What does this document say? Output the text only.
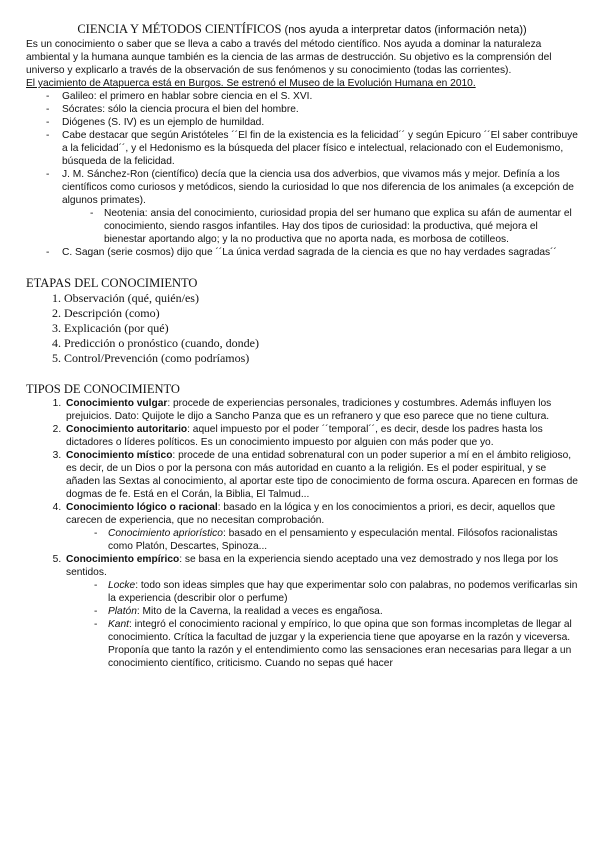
CIENCIA Y MÉTODOS CIENTÍFICOS (nos ayuda a interpretar datos (información neta))

Es un conocimiento o saber que se lleva a cabo a través del método científico. Nos ayuda a dominar la naturaleza ambiental y la humana aunque también es la ciencia de las armas de destrucción. Su objetivo es la comprensión del universo y explicarlo a través de la observación de sus fenómenos y su conocimiento (todas las corrientes).

El yacimiento de Atapuerca está en Burgos. Se estrenó el Museo de la Evolución Humana en 2010.

- Galileo: el primero en hablar sobre ciencia en el S. XVI.
- Sócrates: sólo la ciencia procura el bien del hombre.
- Diógenes (S. IV) es un ejemplo de humildad.
- Cabe destacar que según Aristóteles ´´El fin de la existencia es la felicidad´´ y según Epicuro ´´El saber contribuye a la felicidad´´, y el Hedonismo es la búsqueda del placer físico e intelectual, relacionado con el Eudemonismo, búsqueda de la felicidad.
- J. M. Sánchez-Ron (científico) decía que la ciencia usa dos adverbios, que vivamos más y mejor. Definía a los científicos como curiosos y metódicos, siendo la curiosidad lo que nos diferencia de los animales (a excepción de algunos primates).
- Neotenia: ansia del conocimiento, curiosidad propia del ser humano que explica su afán de aumentar el conocimiento, siendo rasgos infantiles. Hay dos tipos de curiosidad: la productiva, qué mejora el bienestar aportando algo; y la no productiva que no aporta nada, es morbosa de cotilleos.
- C. Sagan (serie cosmos) dijo que ´´La única verdad sagrada de la ciencia es que no hay verdades sagradas´´
ETAPAS DEL CONOCIMIENTO
1. Observación (qué, quién/es)
2. Descripción (como)
3. Explicación (por qué)
4. Predicción o pronóstico (cuando, donde)
5. Control/Prevención (como podríamos)
TIPOS DE CONOCIMIENTO
1. Conocimiento vulgar: procede de experiencias personales, tradiciones y costumbres. Además influyen los prejuicios. Dato: Quijote le dijo a Sancho Panza que es un refranero y que eso parece que no tiene cultura.
2. Conocimiento autoritario: aquel impuesto por el poder ´´temporal´´, es decir, desde los padres hasta los dictadores o líderes políticos. Es un conocimiento impuesto por alguien con más poder que yo.
3. Conocimiento místico: procede de una entidad sobrenatural con un poder superior a mí en el ámbito religioso, es decir, de un Dios o por la persona con más autoridad en cuanto a la religión. Es el poder espiritual, y se añaden las Sextas al conocimiento, al aportar este tipo de conocimiento de forma oscura. Aparecen en formas de dogmas de fe. Está en el Corán, la Biblia, El Talmud...
4. Conocimiento lógico o racional: basado en la lógica y en los conocimientos a priori, es decir, aquellos que carecen de experiencia, que no necesitan comprobación.
- Conocimiento apriorístico: basado en el pensamiento y especulación mental. Filósofos racionalistas como Platón, Descartes, Spinoza...
5. Conocimiento empírico: se basa en la experiencia siendo aceptado una vez demostrado y nos llega por los sentidos.
- Locke: todo son ideas simples que hay que experimentar solo con palabras, no podemos verificarlas sin la experiencia (describir olor o perfume)
- Platón: Mito de la Caverna, la realidad a veces es engañosa.
- Kant: integró el conocimiento racional y empírico, lo que opina que son formas incompletas de llegar al conocimiento. Crítica la facultad de juzgar y la experiencia tiene que apoyarse en la razón y viceversa. Proponía que tanto la razón y el entendimiento como las sensaciones eran necesarias para llegar a un conocimiento científico, criticismo. Cuando no sepas qué hacer
